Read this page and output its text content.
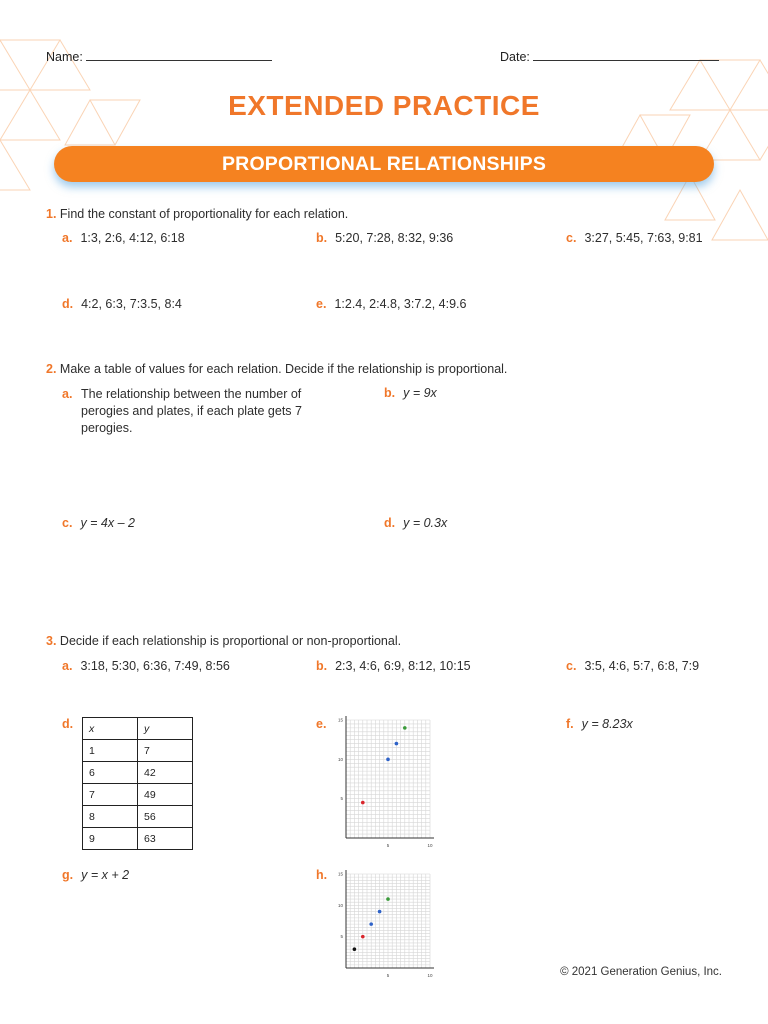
Name:	Date:
EXTENDED PRACTICE
PROPORTIONAL RELATIONSHIPS
1. Find the constant of proportionality for each relation.
a. 1:3, 2:6, 4:12, 6:18	b. 5:20, 7:28, 8:32, 9:36	c. 3:27, 5:45, 7:63, 9:81
d. 4:2, 6:3, 7:3.5, 8:4	e. 1:2.4, 2:4.8, 3:7.2, 4:9.6
2. Make a table of values for each relation. Decide if the relationship is proportional.
a. The relationship between the number of perogies and plates, if each plate gets 7 perogies.
b. y = 9x
c. y = 4x – 2	d. y = 0.3x
3. Decide if each relationship is proportional or non-proportional.
a. 3:18, 5:30, 6:36, 7:49, 8:56	b. 2:3, 4:6, 6:9, 8:12, 10:15	c. 3:5, 4:6, 5:7, 6:8, 7:9
d.	x	y
1	7
6	42
7	49
8	56
9	63
e.
5	10
5
10
15	f. y = 8.23x
g. y = x + 2	h.
5	10
5
10
15
© 2021 Generation Genius, Inc.
